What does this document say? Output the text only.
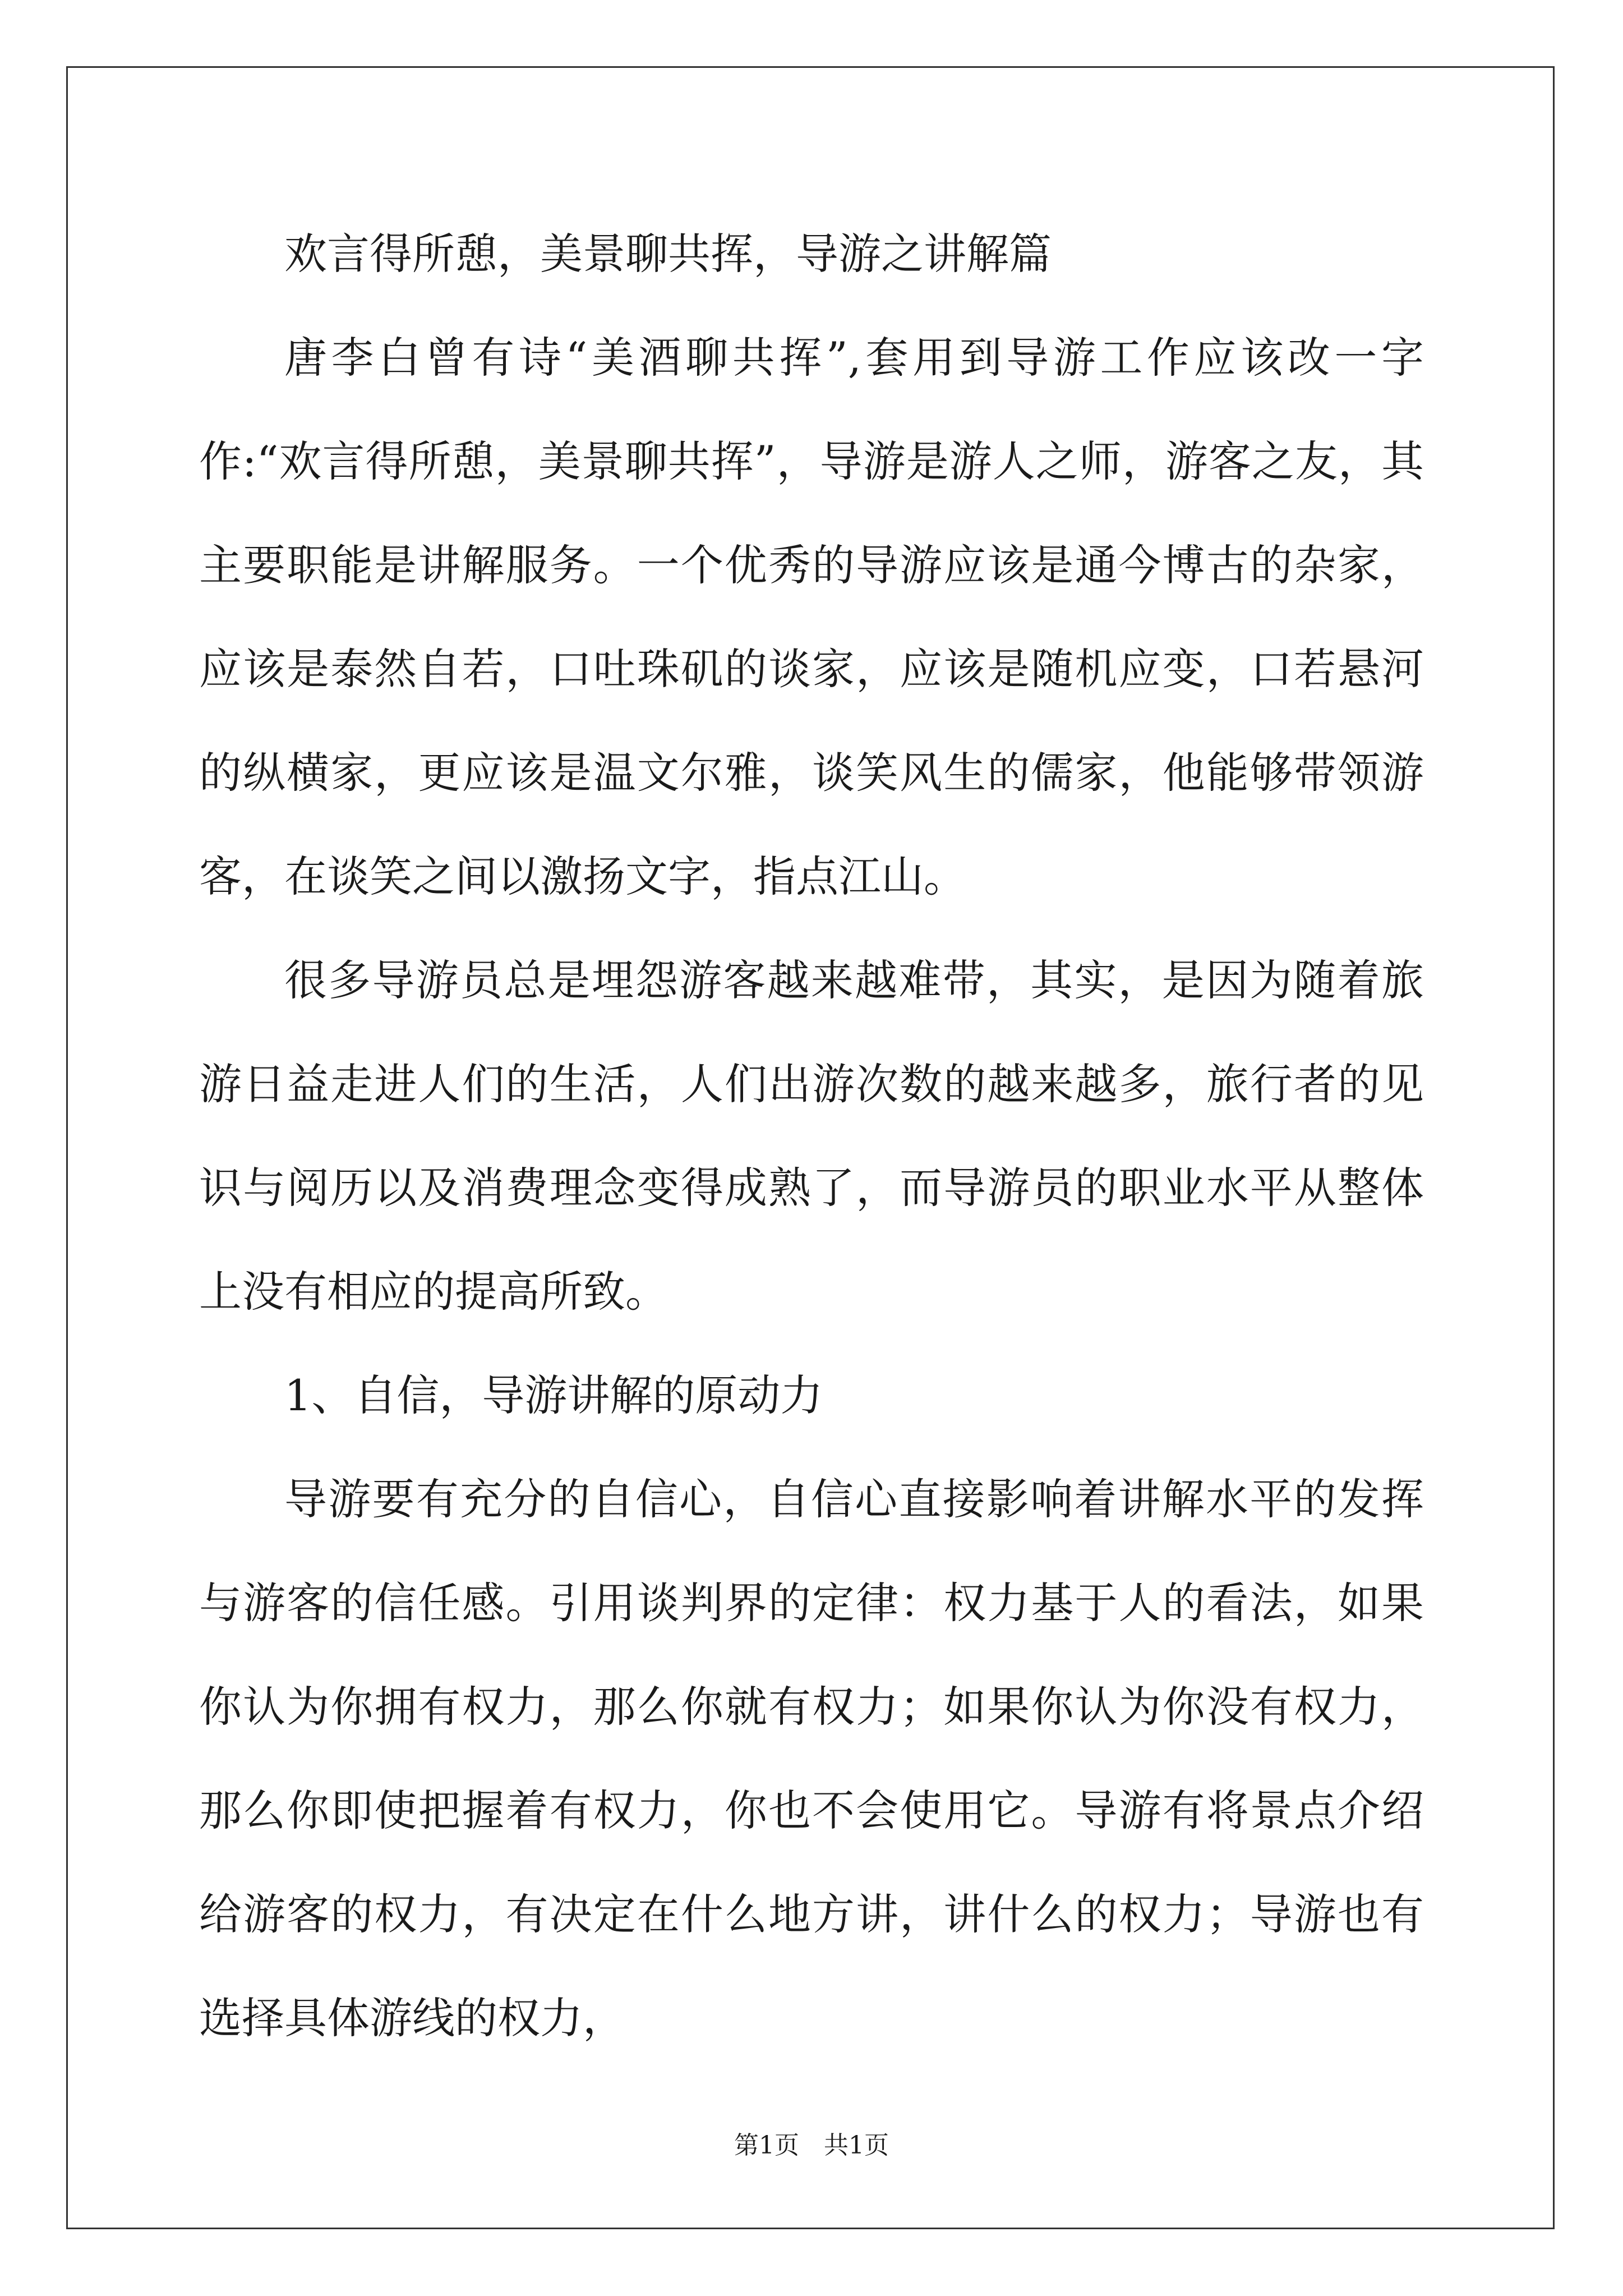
欢言得所憩，美景聊共挥，导游之讲解篇

唐李白曾有诗“美酒聊共挥”,套用到导游工作应该改一字作:“欢言得所憩，美景聊共挥”，导游是游人之师，游客之友，其主要职能是讲解服务。一个优秀的导游应该是通今博古的杂家，应该是泰然自若，口吐珠矶的谈家，应该是随机应变，口若悬河的纵横家，更应该是温文尔雅，谈笑风生的儒家，他能够带领游客，在谈笑之间以激扬文字，指点江山。

很多导游员总是埋怨游客越来越难带，其实，是因为随着旅游日益走进人们的生活，人们出游次数的越来越多，旅行者的见识与阅历以及消费理念变得成熟了，而导游员的职业水平从整体上没有相应的提高所致。

1、自信，导游讲解的原动力

导游要有充分的自信心，自信心直接影响着讲解水平的发挥与游客的信任感。引用谈判界的定律：权力基于人的看法，如果你认为你拥有权力，那么你就有权力；如果你认为你没有权力，那么你即使把握着有权力，你也不会使用它。导游有将景点介绍给游客的权力，有决定在什么地方讲，讲什么的权力；导游也有选择具体游线的权力，

第1页　共1页
